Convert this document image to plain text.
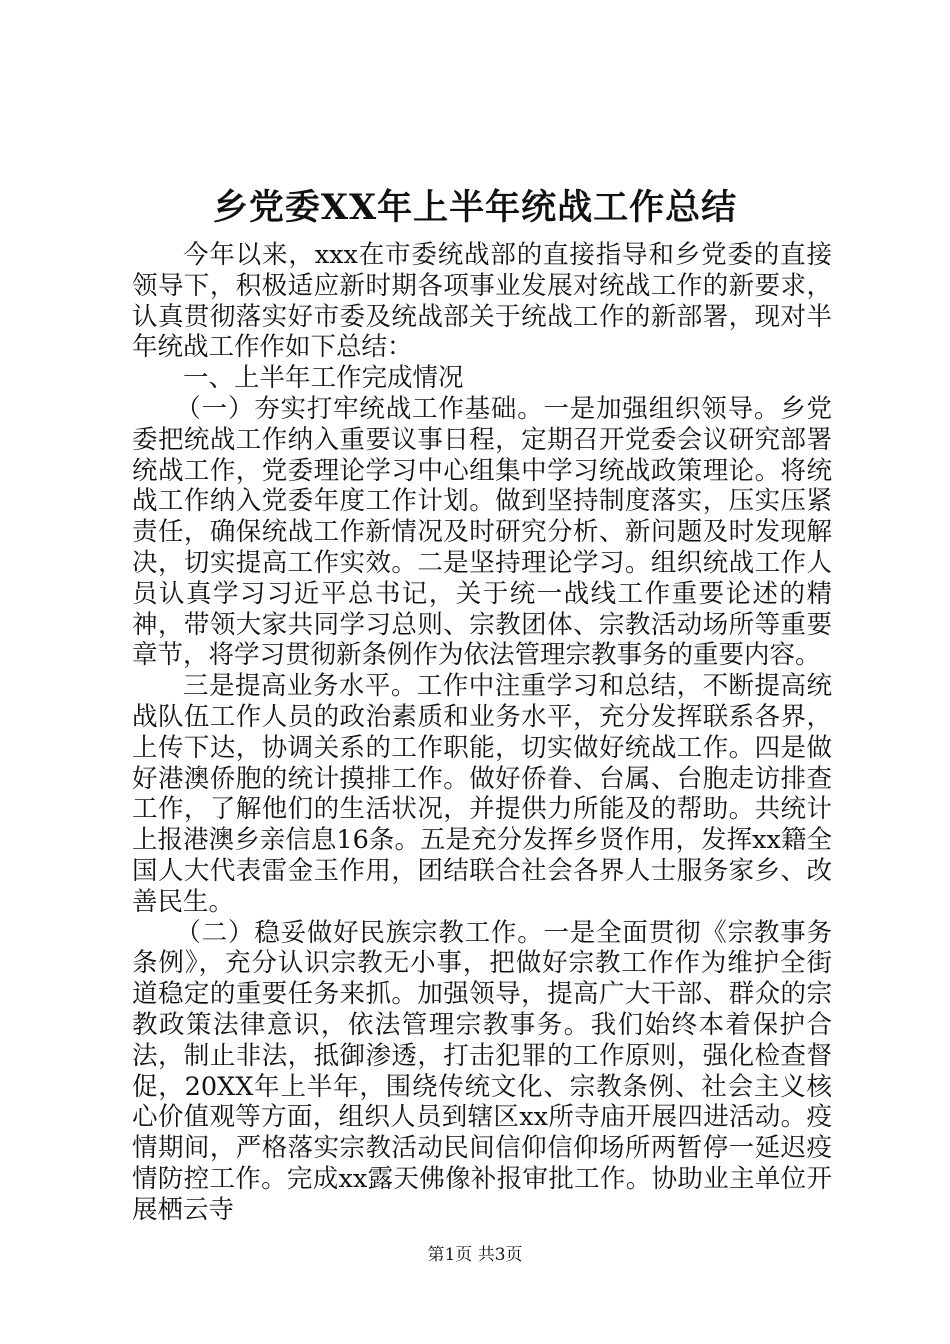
乡党委XX年上半年统战工作总结

今年以来，xxx在市委统战部的直接指导和乡党委的直接领导下，积极适应新时期各项事业发展对统战工作的新要求，认真贯彻落实好市委及统战部关于统战工作的新部署，现对半年统战工作作如下总结：

一、上半年工作完成情况

（一）夯实打牢统战工作基础。一是加强组织领导。乡党委把统战工作纳入重要议事日程，定期召开党委会议研究部署统战工作，党委理论学习中心组集中学习统战政策理论。将统战工作纳入党委年度工作计划。做到坚持制度落实，压实压紧责任，确保统战工作新情况及时研究分析、新问题及时发现解决，切实提高工作实效。二是坚持理论学习。组织统战工作人员认真学习习近平总书记，关于统一战线工作重要论述的精神，带领大家共同学习总则、宗教团体、宗教活动场所等重要章节，将学习贯彻新条例作为依法管理宗教事务的重要内容。

三是提高业务水平。工作中注重学习和总结，不断提高统战队伍工作人员的政治素质和业务水平，充分发挥联系各界，上传下达，协调关系的工作职能，切实做好统战工作。四是做好港澳侨胞的统计摸排工作。做好侨眷、台属、台胞走访排查工作，了解他们的生活状况，并提供力所能及的帮助。共统计上报港澳乡亲信息16条。五是充分发挥乡贤作用，发挥xx籍全国人大代表雷金玉作用，团结联合社会各界人士服务家乡、改善民生。

（二）稳妥做好民族宗教工作。一是全面贯彻《宗教事务条例》，充分认识宗教无小事，把做好宗教工作作为维护全街道稳定的重要任务来抓。加强领导，提高广大干部、群众的宗教政策法律意识，依法管理宗教事务。我们始终本着保护合法，制止非法，抵御渗透，打击犯罪的工作原则，强化检查督促，20XX年上半年，围绕传统文化、宗教条例、社会主义核心价值观等方面，组织人员到辖区xx所寺庙开展四进活动。疫情期间，严格落实宗教活动民间信仰信仰场所两暂停一延迟疫情防控工作。完成xx露天佛像补报审批工作。协助业主单位开展栖云寺

第1页 共3页
